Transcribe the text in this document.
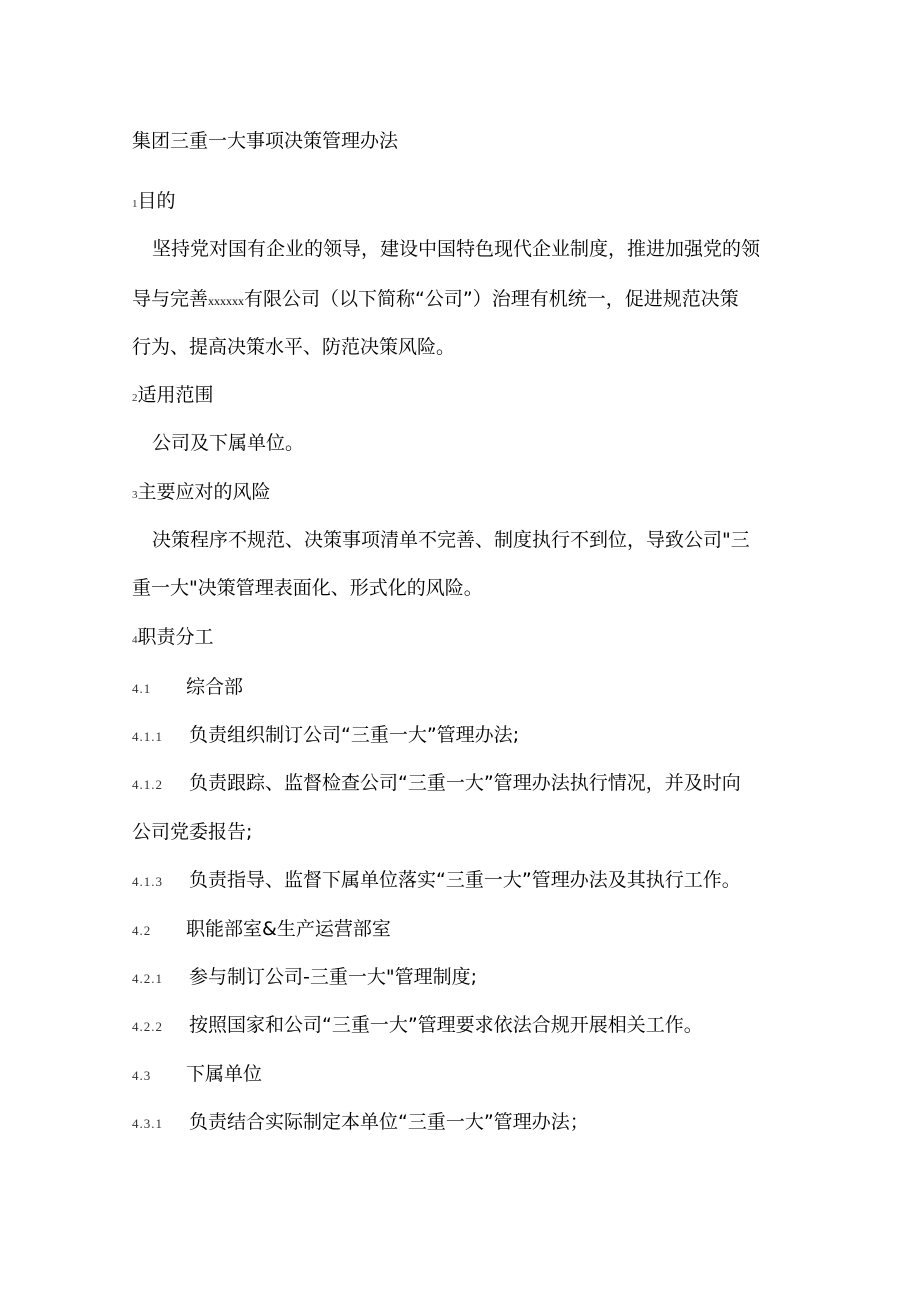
集团三重一大事项决策管理办法
1目的
坚持党对国有企业的领导，建设中国特色现代企业制度，推进加强党的领
导与完善xxxxxx有限公司（以下简称“公司”）治理有机统一，促进规范决策
行为、提高决策水平、防范决策风险。
2适用范围
公司及下属单位。
3主要应对的风险
决策程序不规范、决策事项清单不完善、制度执行不到位，导致公司"三
重一大"决策管理表面化、形式化的风险。
4职责分工
4.1 综合部
4.1.1 负责组织制订公司“三重一大”管理办法;
4.1.2 负责跟踪、监督检查公司“三重一大”管理办法执行情况，并及时向
公司党委报告;
4.1.3 负责指导、监督下属单位落实“三重一大”管理办法及其执行工作。
4.2 职能部室&生产运营部室
4.2.1 参与制订公司-三重一大"管理制度;
4.2.2 按照国家和公司“三重一大”管理要求依法合规开展相关工作。
4.3 下属单位
4.3.1 负责结合实际制定本单位“三重一大”管理办法；
